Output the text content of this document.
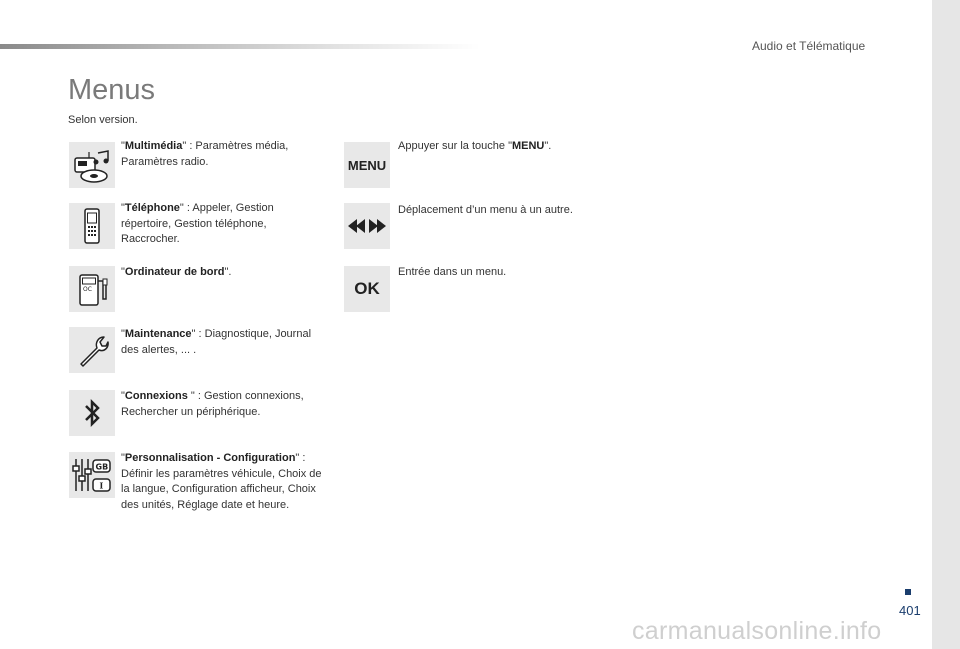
Audio et Télématique
Menus
Selon version.
"Multimédia" : Paramètres média, Paramètres radio.
"Téléphone" : Appeler, Gestion répertoire, Gestion téléphone, Raccrocher.
OC
"Ordinateur de bord".
"Maintenance" : Diagnostique, Journal des alertes, ... .
"Connexions " : Gestion connexions, Rechercher un périphérique.
GB
I
"Personnalisation - Configuration" : Définir les paramètres véhicule, Choix de la langue, Configuration afficheur, Choix des unités, Réglage date et heure.
MENU
Appuyer sur la touche "MENU".
Déplacement d’un menu à un autre.
OK
Entrée dans un menu.
401
carmanualsonline.info
